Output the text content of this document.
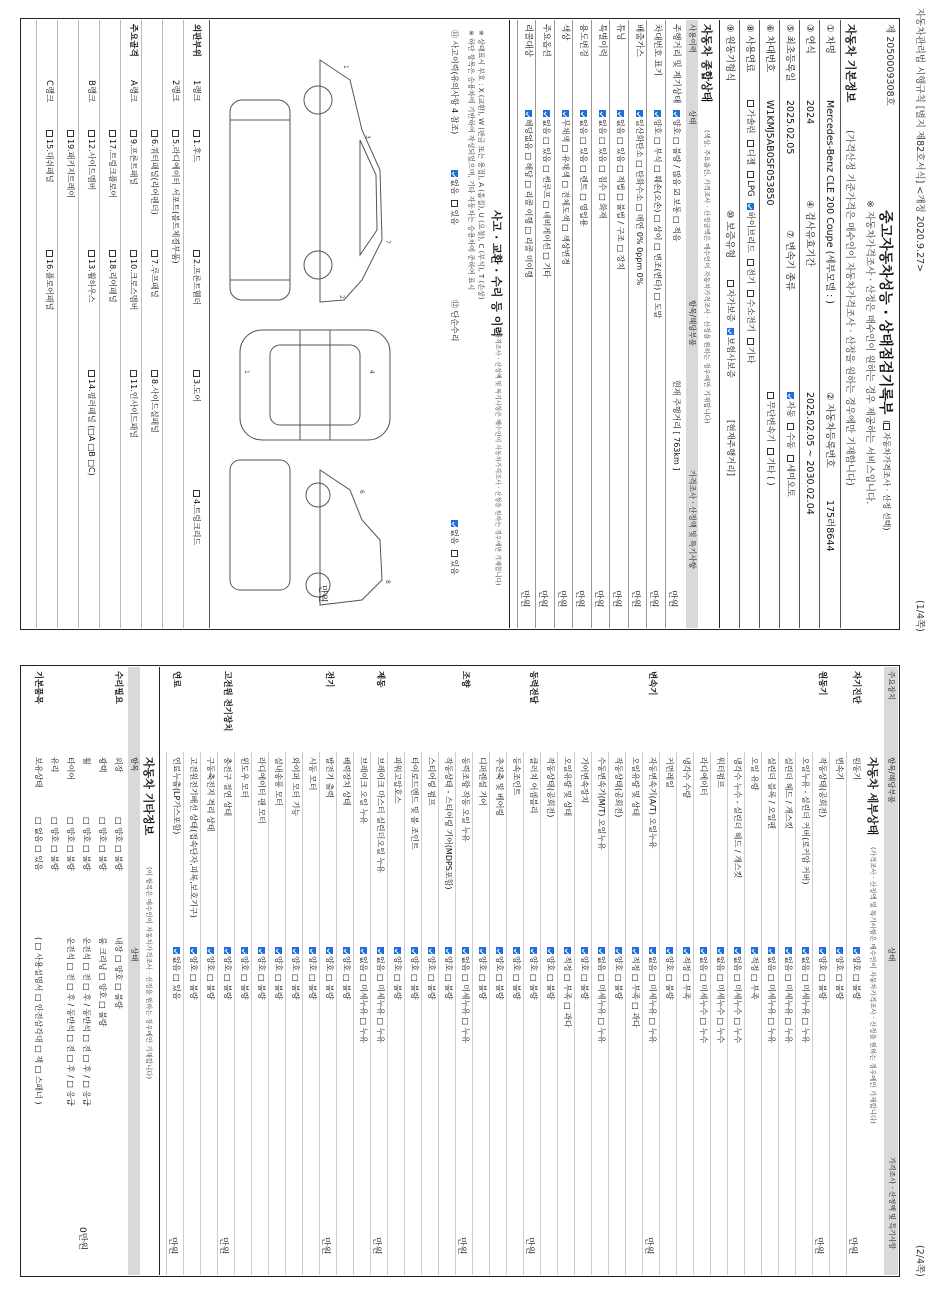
자동차관리법 시행규칙 [별지 제82호서식] <개정 2020.9.27>
(1/4쪽)
제 2050009308호
중고자동차성능 · 상태점검기록부
(자동차가격조사 · 산정 선택)
※ 자동차가격조사 · 산정은 매수인이 원하는 경우 제공하는 서비스입니다.
자동차 기본정보
(가격산정 기준가격은 매수인이 자동차가격조사 · 산정을 원하는 경우에만 기재합니다)
① 차명
Mercedes-Benz CLE 200 Coupe (세부모델 : )
② 자동차등록번호
175러8644
③ 연식
2024
④ 검사유효기간
2025.02.05 ~ 2030.02.04
⑤ 최초등록일
2025.02.05
⑦ 변속기 종류
자동수동세미오토
⑥ 차대번호
W1KMJ5AB0SF053850
무단변속기기타 ( )
⑧ 사용연료
가솔린디젤LPG하이브리드전기수소전기기타
⑨ 원동기형식
⑩ 보증유형
자가보증보험사보증
[현재주행거리]
자동차 종합상태
(색상, 주요옵션, 가격조사 · 산정금액은 매수인이 자동차가격조사 · 산정을 원하는 경우에만 기재합니다)
사용이력
상태
항목/해당부품
가격조사 · 산정액 및 특기사항
주행거리 및 계기상태
양호 □ 불량 / 많음 ☑ 보통 □ 적음
현재 주행거리 [ 763km ]
만원
차대번호 표기
양호 □ 부식 □ 훼손(오손) □ 상이 □ 변조(변타) □ 도말
만원
배출가스
일산화탄소 □ 탄화수소 □ 매연 0% 0ppm 0%
만원
튜닝
없음 □ 있음 □ 적법 □ 불법 / 구조 □ 장치
만원
특별이력
없음 □ 있음 □ 침수 □ 화재
만원
용도변경
없음 □ 있음 □ 렌트 □ 영업용
만원
색상
무채색 □ 유채색 □ 전체도색 □ 색상변경
만원
주요옵션
없음 □ 있음 □ 썬루프 □ 네비게이션 □ 기타
만원
리콜대상
해당없음 □ 해당 □ 리콜 이행 □ 리콜 미이행
만원
사고 · 교환 · 수리 등 이력
(가격조사 · 산정액 및 특기사항은 매수인이 자동차가격조사 · 산정을 원하는 경우에만 기재합니다)
※ 상태표시 부호 : X (교환), W (판금 또는 용접), A (흠집), U (요철), C (부식), T (손상)
※ 하단 항목은 승용차에 기반하여 작성되었으며, 기타 자동차는 승용차에 준하여 표시
⑪ 사고이력(유의사항 4 참조)
없음있음
⑫ 단순수리
없음있음
1
3
7
2
4
1
6
8
만원
외판부위
1랭크
1.후드
2.프론트휀더
3.도어
4.트렁크리드
2랭크
5.라디에이터 서포트(볼트체결부품)
6.쿼터패널(리어펜더)
7.루프패널
8.사이드실패널
주요골격
A랭크
9.프론트패널
10.크로스멤버
11.인사이드패널
17.트렁크플로어
18.리어패널
B랭크
12.사이드멤버
13.휠하우스
14.필러패널 (□A □B □C)
19.패키지트레이
C랭크
15.대쉬패널
16.플로어패널
(2/4쪽)
주요장치
항목/해당부품
상태
가격조사 · 산정액 및 특기사항
자동차 세부상태
(가격조사 · 산정액 및 특기사항은 매수인이 자동차가격조사 · 산정을 원하는 경우에만 기재합니다)
자기진단
원동기
양호 □ 불량
만원
변속기
양호 □ 불량
원동기
작동상태(공회전)
양호 □ 불량
만원
오일누유 - 실린더 커버(로커암 커버)
없음 □ 미세누유 □ 누유
실린더 헤드 / 개스킷
없음 □ 미세누유 □ 누유
실린더 블록 / 오일팬
없음 □ 미세누유 □ 누유
오일 유량
적정 □ 부족
냉각수 누수 - 실린더 헤드 / 개스킷
없음 □ 미세누수 □ 누수
워터펌프
없음 □ 미세누수 □ 누수
라디에이터
없음 □ 미세누수 □ 누수
냉각수 수량
적정 □ 부족
커먼레일
양호 □ 불량
변속기
자동변속기(A/T) 오일누유
없음 □ 미세누유 □ 누유
만원
오일유량 및 상태
적정 □ 부족 □ 과다
작동상태(공회전)
양호 □ 불량
수동변속기(M/T) 오일누유
없음 □ 미세누유 □ 누유
기어변속장치
양호 □ 불량
오일유량 및 상태
적정 □ 부족 □ 과다
작동상태(공회전)
양호 □ 불량
동력전달
클러치 어셈블리
양호 □ 불량
만원
등속조인트
양호 □ 불량
추진축 및 베어링
양호 □ 불량
디퍼렌셜 기어
양호 □ 불량
조향
동력조향 작동 오일 누유
없음 □ 미세누유 □ 누유
만원
작동상태 - 스티어링 기어(MDPS포함)
양호 □ 불량
스티어링 펌프
양호 □ 불량
타이로드엔드 및 볼 조인트
양호 □ 불량
파워고압호스
양호 □ 불량
제동
브레이크 마스터 실린더오일 누유
없음 □ 미세누유 □ 누유
만원
브레이크 오일 누유
없음 □ 미세누유 □ 누유
배력장치 상태
양호 □ 불량
전기
발전기 출력
양호 □ 불량
만원
시동 모터
양호 □ 불량
와이퍼 모터 기능
양호 □ 불량
실내송풍 모터
양호 □ 불량
라디에이터 팬 모터
양호 □ 불량
윈도우 모터
양호 □ 불량
고전원 전기장치
충전구 절연 상태
양호 □ 불량
만원
구동축전지 격리 상태
양호 □ 불량
고전원전기배선 상태(접속단자,피복,보호기구)
양호 □ 불량
연료
연료누출(LP가스포함)
없음 □ 있음
만원
자동차 기타정보
(이 항목은 매수인이 자동차가격조사 · 산정을 원하는 경우에만 기재합니다)
항목
상태
수리필요
외장
□ 양호 □ 불량
내장 □ 양호 □ 불량
광택
□ 양호 □ 불량
룸 크리닝 □ 양호 □ 불량
휠
□ 양호 □ 불량
운전석 □ 전 □ 후 / 동반석 □ 전 □ 후 / □ 응급
타이어
□ 양호 □ 불량
운전석 □ 전 □ 후 / 동반석 □ 전 □ 후 / □ 응급
유리
□ 양호 □ 불량
기본품목
보유상태
□ 없음 □ 있음
( □ 사용설명서 □ 안전삼각대 □ 잭 □ 스패너 )
0만원
